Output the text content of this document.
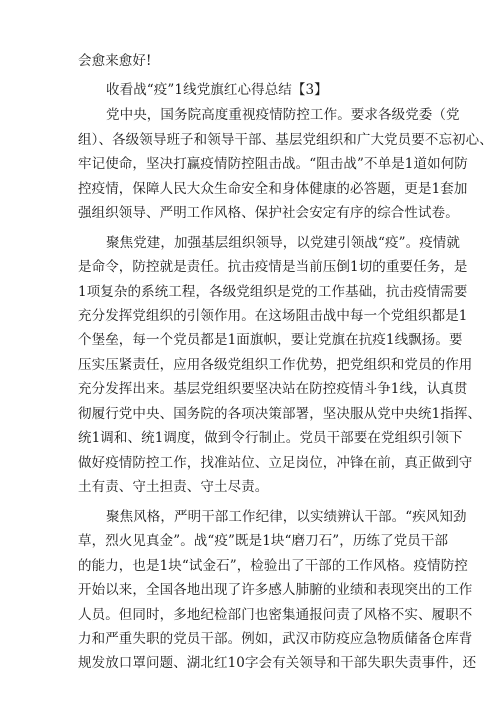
会愈来愈好!
收看战“疫”1线党旗红心得总结【3】
党中央，国务院高度重视疫情防控工作。要求各级党委（党
组）、各级领导班子和领导干部、基层党组织和广大党员要不忘初心、
牢记使命，坚决打赢疫情防控阻击战。“阻击战”不单是1道如何防
控疫情，保障人民大众生命安全和身体健康的必答题，更是1套加
强组织领导、严明工作风格、保护社会安定有序的综合性试卷。
聚焦党建，加强基层组织领导，以党建引领战“疫”。疫情就
是命令，防控就是责任。抗击疫情是当前压倒1切的重要任务，是
1项复杂的系统工程，各级党组织是党的工作基础，抗击疫情需要
充分发挥党组织的引领作用。在这场阻击战中每一个党组织都是1
个堡垒，每一个党员都是1面旗帜，要让党旗在抗疫1线飘扬。要
压实压紧责任，应用各级党组织工作优势，把党组织和党员的作用
充分发挥出来。基层党组织要坚决站在防控疫情斗争1线，认真贯
彻履行党中央、国务院的各项决策部署，坚决服从党中央统1指挥、
统1调和、统1调度，做到令行制止。党员干部要在党组织引领下
做好疫情防控工作，找准站位、立足岗位，冲锋在前，真正做到守
土有责、守土担责、守土尽责。
聚焦风格，严明干部工作纪律，以实绩辨认干部。“疾风知劲
草，烈火见真金”。战“疫”既是1块“磨刀石”，历练了党员干部
的能力，也是1块“试金石”，检验出了干部的工作风格。疫情防控
开始以来，全国各地出现了许多感人肺腑的业绩和表现突出的工作
人员。但同时，多地纪检部门也密集通报问责了风格不实、履职不
力和严重失职的党员干部。例如，武汉市防疫应急物质储备仓库背
规发放口罩问题、湖北红10字会有关领导和干部失职失责事件，还
